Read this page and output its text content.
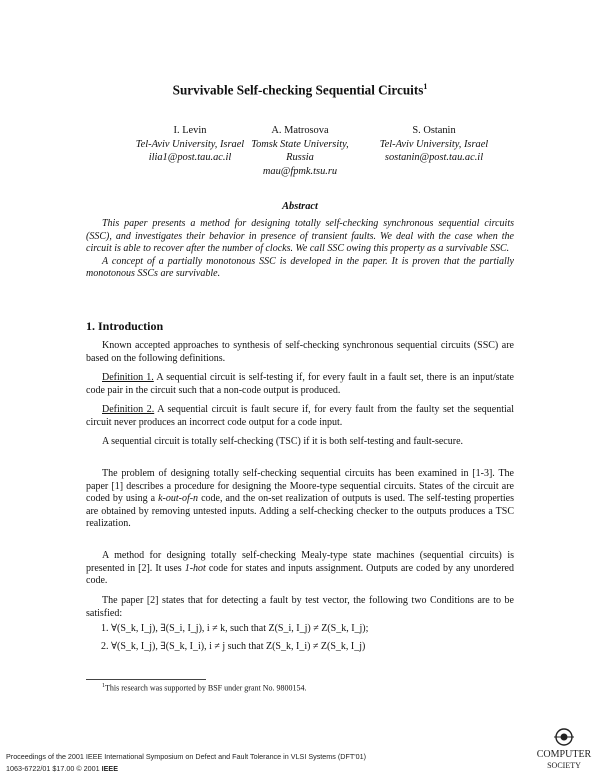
Survivable Self-checking Sequential Circuits$^1$
I. Levin
Tel-Aviv University, Israel
ilia1@post.tau.ac.il
A. Matrosova
Tomsk State University,
Russia
mau@fpmk.tsu.ru
S. Ostanin
Tel-Aviv University, Israel
sostanin@post.tau.ac.il
Abstract

This paper presents a method for designing totally self-checking synchronous sequential circuits (SSC), and investigates their behavior in presence of transient faults. We deal with the case when the circuit is able to recover after the number of clocks. We call SSC owing this property as a survivable SSC.

A concept of a partially monotonous SSC is developed in the paper. It is proven that the partially monotonous SSCs are survivable.

1. Introduction

Known accepted approaches to synthesis of self-checking synchronous sequential circuits (SSC) are based on the following definitions.

Definition 1. A sequential circuit is self-testing if, for every fault in a fault set, there is an input/state code pair in the circuit such that a non-code output is produced.

Definition 2. A sequential circuit is fault secure if, for every fault from the faulty set the sequential circuit never produces an incorrect code output for a code input.

A sequential circuit is totally self-checking (TSC) if it is both self-testing and fault-secure.

The problem of designing totally self-checking sequential circuits has been examined in [1-3]. The paper [1] describes a procedure for designing the Moore-type sequential circuits. States of the circuit are coded by using a k-out-of-n code, and the on-set realization of outputs is used. The self-testing properties are obtained by removing untested inputs. Adding a self-checking checker to the outputs produces a TSC realization.

A method for designing totally self-checking Mealy-type state machines (sequential circuits) is presented in [2]. It uses 1-hot code for states and inputs assignment. Outputs are coded by any unordered code.

The paper [2] states that for detecting a fault by test vector, the following two Conditions are to be satisfied:

1. ∀(S_k, I_j), ∃(S_i, I_j), i ≠ k, such that Z(S_i, I_j) ≠ Z(S_k, I_j);
2. ∀(S_k, I_j), ∃(S_k, I_i), i ≠ j such that Z(S_k, I_i) ≠ Z(S_k, I_j)
$^1$This research was supported by BSF under grant No. 9800154.
Proceedings of the 2001 IEEE International Symposium on Defect and Fault Tolerance in VLSI Systems (DFT'01)
1063-6722/01 $17.00 © 2001 IEEE
COMPUTER
SOCIETY
